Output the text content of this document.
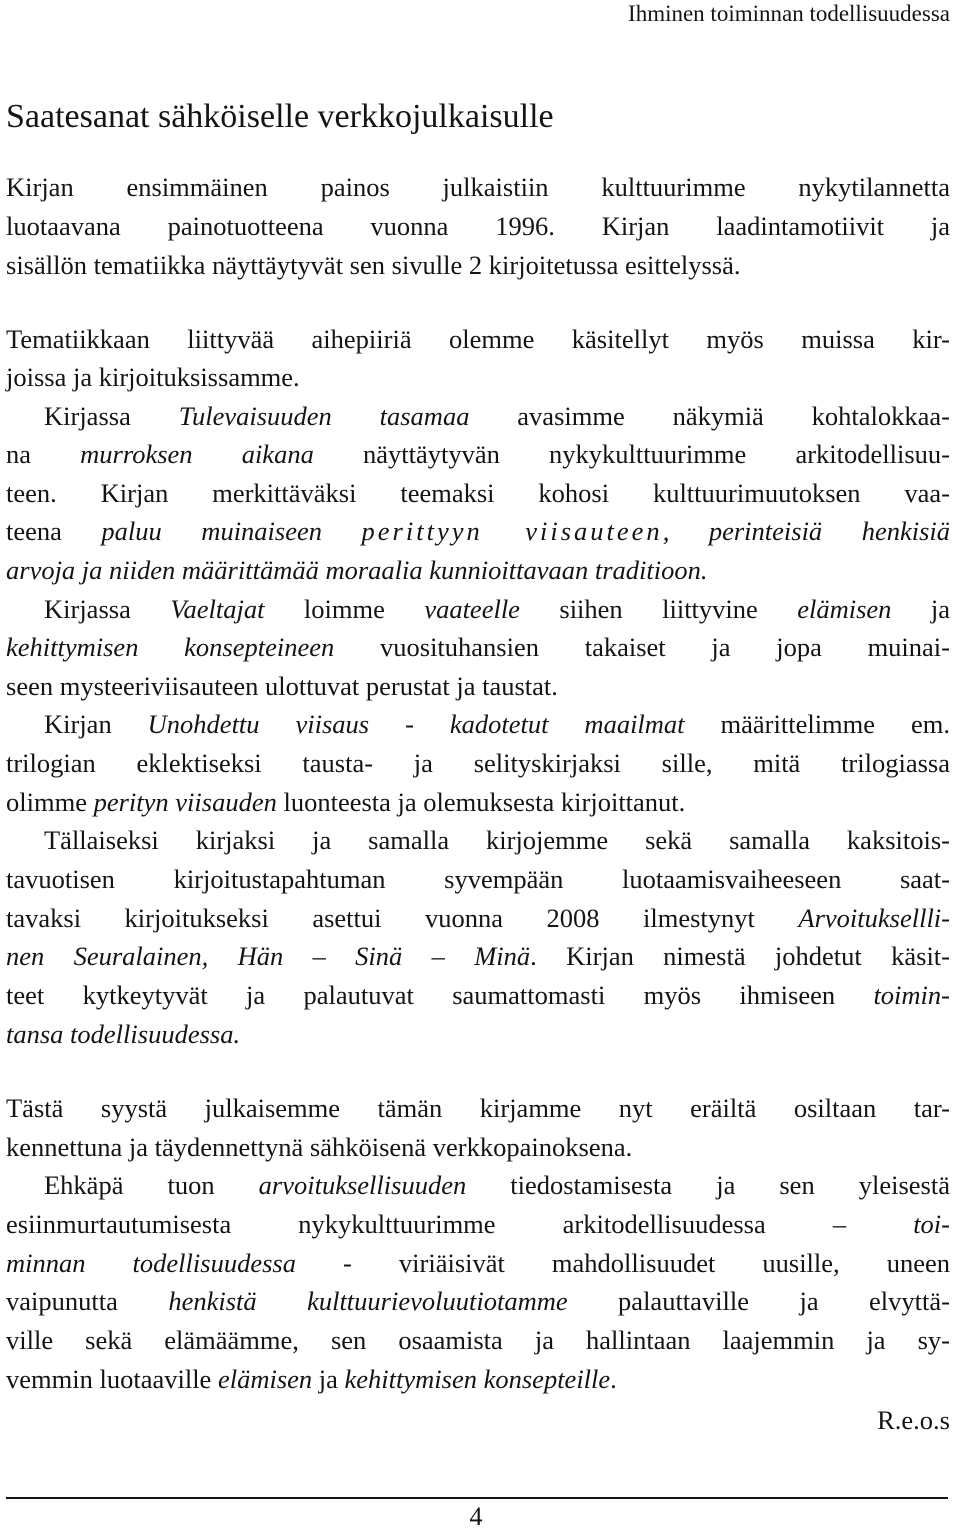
Ihminen toiminnan todellisuudessa
Saatesanat sähköiselle verkkojulkaisulle
Kirjan ensimmäinen painos julkaistiin kulttuurimme nykytilannetta
luotaavana painotuotteena vuonna 1996. Kirjan laadintamotiivit ja
sisällön tematiikka näyttäytyvät sen sivulle 2 kirjoitetussa esittelyssä.
Tematiikkaan liittyvää aihepiiriä olemme käsitellyt myös muissa kir-
joissa ja kirjoituksissamme.
Kirjassa Tulevaisuuden tasamaa avasimme näkymiä kohtalokkaa-
na murroksen aikana näyttäytyvän nykykulttuurimme arkitodellisuu-
teen. Kirjan merkittäväksi teemaksi kohosi kulttuurimuutoksen vaa-
teena paluu muinaiseen perittyyn viisauteen, perinteisiä henkisiä
arvoja ja niiden määrittämää moraalia kunnioittavaan traditioon.
Kirjassa Vaeltajat loimme vaateelle siihen liittyvine elämisen ja
kehittymisen konsepteineen vuosituhansien takaiset ja jopa muinai-
seen mysteeriviisauteen ulottuvat perustat ja taustat.
Kirjan Unohdettu viisaus - kadotetut maailmat määrittelimme em.
trilogian eklektiseksi tausta- ja selityskirjaksi sille, mitä trilogiassa
olimme perityn viisauden luonteesta ja olemuksesta kirjoittanut.
Tällaiseksi kirjaksi ja samalla kirjojemme sekä samalla kaksitois-
tavuotisen kirjoitustapahtuman syvempään luotaamisvaiheeseen saat-
tavaksi kirjoitukseksi asettui vuonna 2008 ilmestynyt Arvoituksellli-
nen Seuralainen, Hän – Sinä – Minä. Kirjan nimestä johdetut käsit-
teet kytkeytyvät ja palautuvat saumattomasti myös ihmiseen toimin-
tansa todellisuudessa.
Tästä syystä julkaisemme tämän kirjamme nyt eräiltä osiltaan tar-
kennettuna ja täydennettynä sähköisenä verkkopainoksena.
Ehkäpä tuon arvoituksellisuuden tiedostamisesta ja sen yleisestä
esiinmurtautumisesta nykykulttuurimme arkitodellisuudessa – toi-
minnan todellisuudessa - viriäisivät mahdollisuudet uusille, uneen
vaipunutta henkistä kulttuurievoluutiotamme palauttaville ja elvyttä-
ville sekä elämäämme, sen osaamista ja hallintaan laajemmin ja sy-
vemmin luotaaville elämisen ja kehittymisen konsepteille.
R.e.o.s
4
